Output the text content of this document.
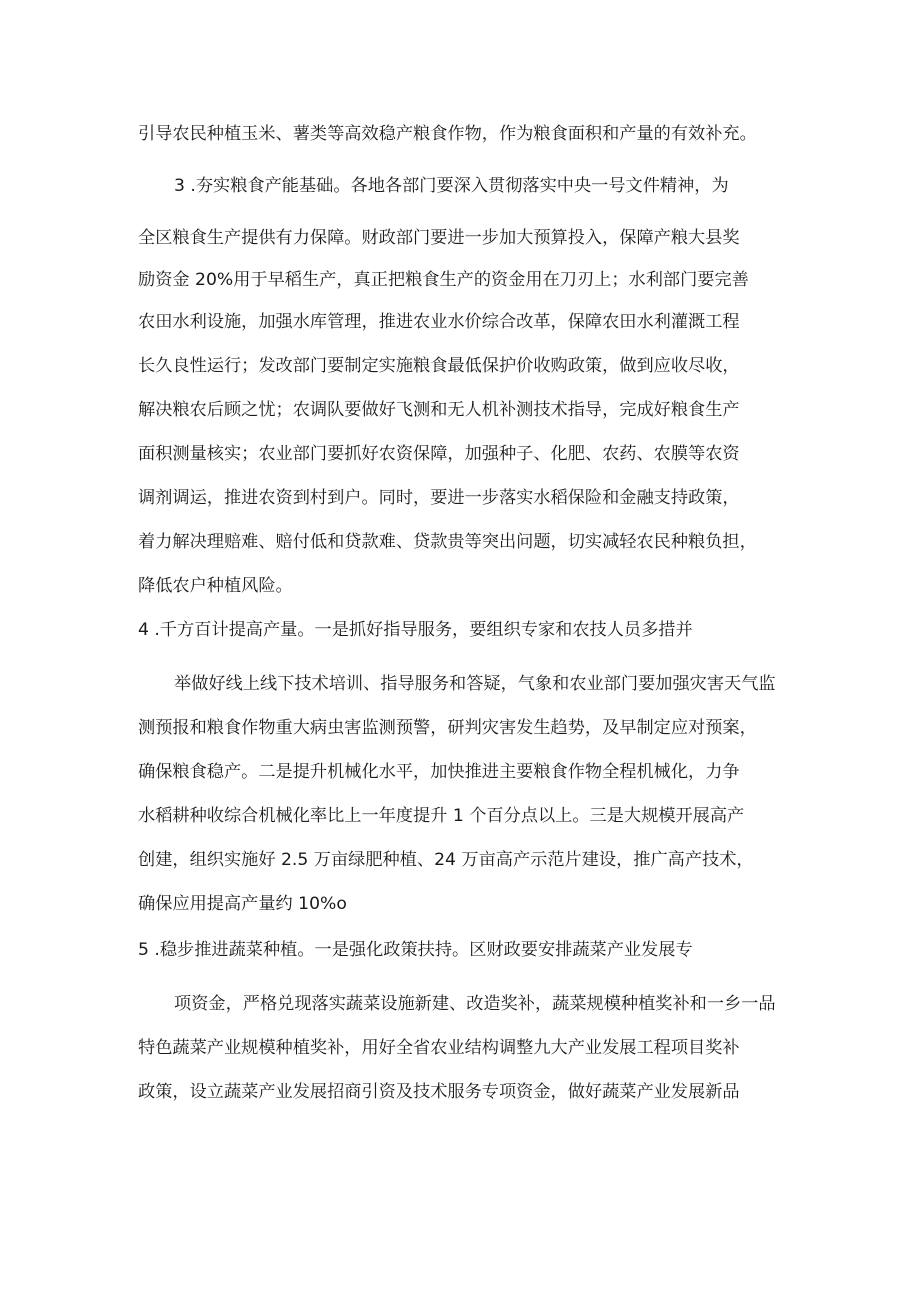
引导农民种植玉米、薯类等高效稳产粮食作物，作为粮食面积和产量的有效补充。
3 .夯实粮食产能基础。各地各部门要深入贯彻落实中央一号文件精神，为
全区粮食生产提供有力保障。财政部门要进一步加大预算投入，保障产粮大县奖
励资金 20%用于早稻生产，真正把粮食生产的资金用在刀刃上；水利部门要完善
农田水利设施，加强水库管理，推进农业水价综合改革，保障农田水利灌溉工程
长久良性运行；发改部门要制定实施粮食最低保护价收购政策，做到应收尽收，
解决粮农后顾之忧；农调队要做好飞测和无人机补测技术指导，完成好粮食生产
面积测量核实；农业部门要抓好农资保障，加强种子、化肥、农药、农膜等农资
调剂调运，推进农资到村到户。同时，要进一步落实水稻保险和金融支持政策，
着力解决理赔难、赔付低和贷款难、贷款贵等突出问题，切实减轻农民种粮负担，
降低农户种植风险。
4 .千方百计提高产量。一是抓好指导服务，要组织专家和农技人员多措并
举做好线上线下技术培训、指导服务和答疑，气象和农业部门要加强灾害天气监
测预报和粮食作物重大病虫害监测预警，研判灾害发生趋势，及早制定应对预案，
确保粮食稳产。二是提升机械化水平，加快推进主要粮食作物全程机械化，力争
水稻耕种收综合机械化率比上一年度提升 1 个百分点以上。三是大规模开展高产
创建，组织实施好 2.5 万亩绿肥种植、24 万亩高产示范片建设，推广高产技术，
确保应用提高产量约 10%o
5 .稳步推进蔬菜种植。一是强化政策扶持。区财政要安排蔬菜产业发展专
项资金，严格兑现落实蔬菜设施新建、改造奖补，蔬菜规模种植奖补和一乡一品
特色蔬菜产业规模种植奖补，用好全省农业结构调整九大产业发展工程项目奖补
政策，设立蔬菜产业发展招商引资及技术服务专项资金，做好蔬菜产业发展新品
